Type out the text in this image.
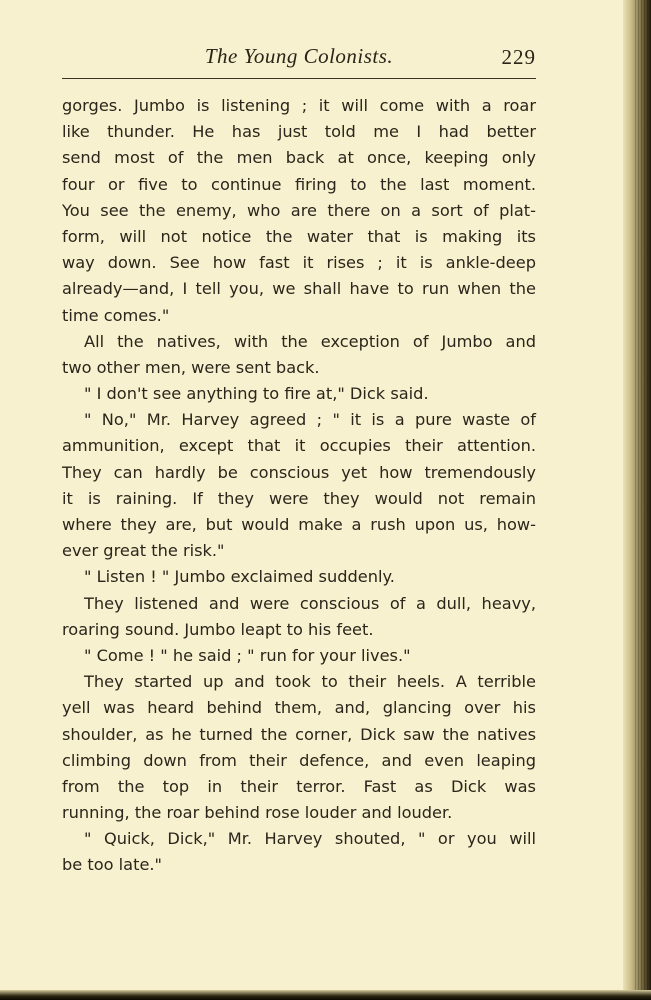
The Young Colonists.	229
gorges. Jumbo is listening ; it will come with a roar
like thunder. He has just told me I had better
send most of the men back at once, keeping only
four or five to continue firing to the last moment.
You see the enemy, who are there on a sort of plat-
form, will not notice the water that is making its
way down. See how fast it rises ; it is ankle-deep
already—and, I tell you, we shall have to run when the
time comes."
All the natives, with the exception of Jumbo and
two other men, were sent back.
" I don't see anything to fire at," Dick said.
" No," Mr. Harvey agreed ; " it is a pure waste of
ammunition, except that it occupies their attention.
They can hardly be conscious yet how tremendously
it is raining. If they were they would not remain
where they are, but would make a rush upon us, how-
ever great the risk."
" Listen ! " Jumbo exclaimed suddenly.
They listened and were conscious of a dull, heavy,
roaring sound. Jumbo leapt to his feet.
" Come ! " he said ; " run for your lives."
They started up and took to their heels. A terrible
yell was heard behind them, and, glancing over his
shoulder, as he turned the corner, Dick saw the natives
climbing down from their defence, and even leaping
from the top in their terror. Fast as Dick was
running, the roar behind rose louder and louder.
" Quick, Dick," Mr. Harvey shouted, " or you will
be too late."
